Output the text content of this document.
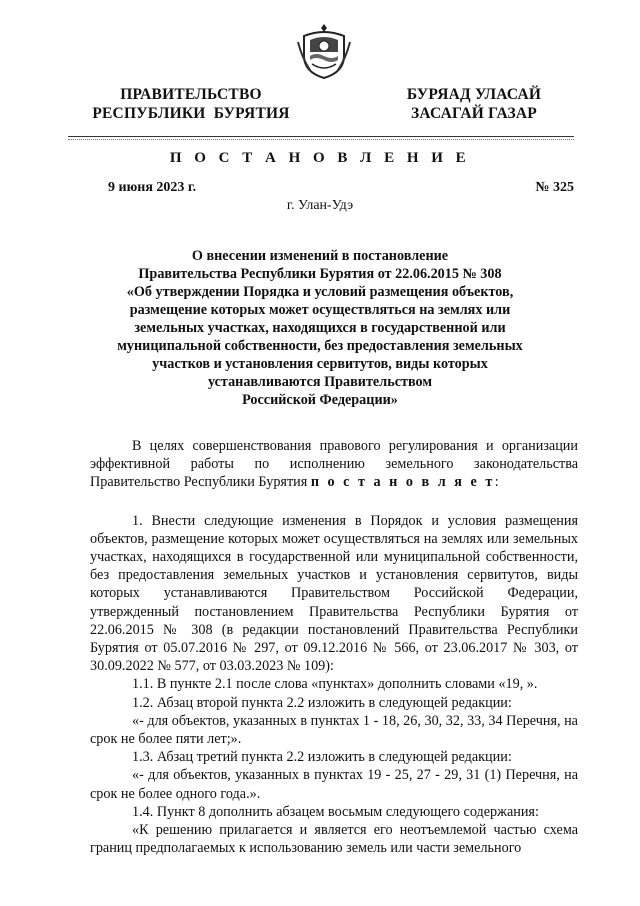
ПРАВИТЕЛЬСТВО
РЕСПУБЛИКИ  БУРЯТИЯ
БУРЯАД УЛАСАЙ
ЗАСАГАЙ ГАЗАР
П О С Т А Н О В Л Е Н И Е
9 июня 2023 г.	№ 325
г. Улан-Удэ
О внесении изменений в постановление
Правительства Республики Бурятия от 22.06.2015 № 308
«Об утверждении Порядка и условий размещения объектов,
размещение которых может осуществляться на землях или
земельных участках, находящихся в государственной или
муниципальной собственности, без предоставления земельных
участков и установления сервитутов, виды которых
устанавливаются Правительством
Российской Федерации»

В целях совершенствования правового регулирования и организации эффективной работы по исполнению земельного законодательства Правительство Республики Бурятия п о с т а н о в л я е т:

1. Внести следующие изменения в Порядок и условия размещения объектов, размещение которых может осуществляться на землях или земельных участках, находящихся в государственной или муниципальной собственности, без предоставления земельных участков и установления сервитутов, виды которых устанавливаются Правительством Российской Федерации, утвержденный постановлением Правительства Республики Бурятия от 22.06.2015 № 308 (в редакции постановлений Правительства Республики Бурятия от 05.07.2016 № 297, от 09.12.2016 № 566, от 23.06.2017 № 303, от 30.09.2022 № 577, от 03.03.2023 № 109):

1.1. В пункте 2.1 после слова «пунктах» дополнить словами «19, ».

1.2. Абзац второй пункта 2.2 изложить в следующей редакции:

«- для объектов, указанных в пунктах 1 - 18, 26, 30, 32, 33, 34 Перечня, на срок не более пяти лет;».

1.3. Абзац третий пункта 2.2 изложить в следующей редакции:

«- для объектов, указанных в пунктах 19 - 25, 27 - 29, 31 (1) Перечня, на срок не более одного года.».

1.4. Пункт 8 дополнить абзацем восьмым следующего содержания:

«К решению прилагается и является его неотъемлемой частью схема границ предполагаемых к использованию земель или части земельного
